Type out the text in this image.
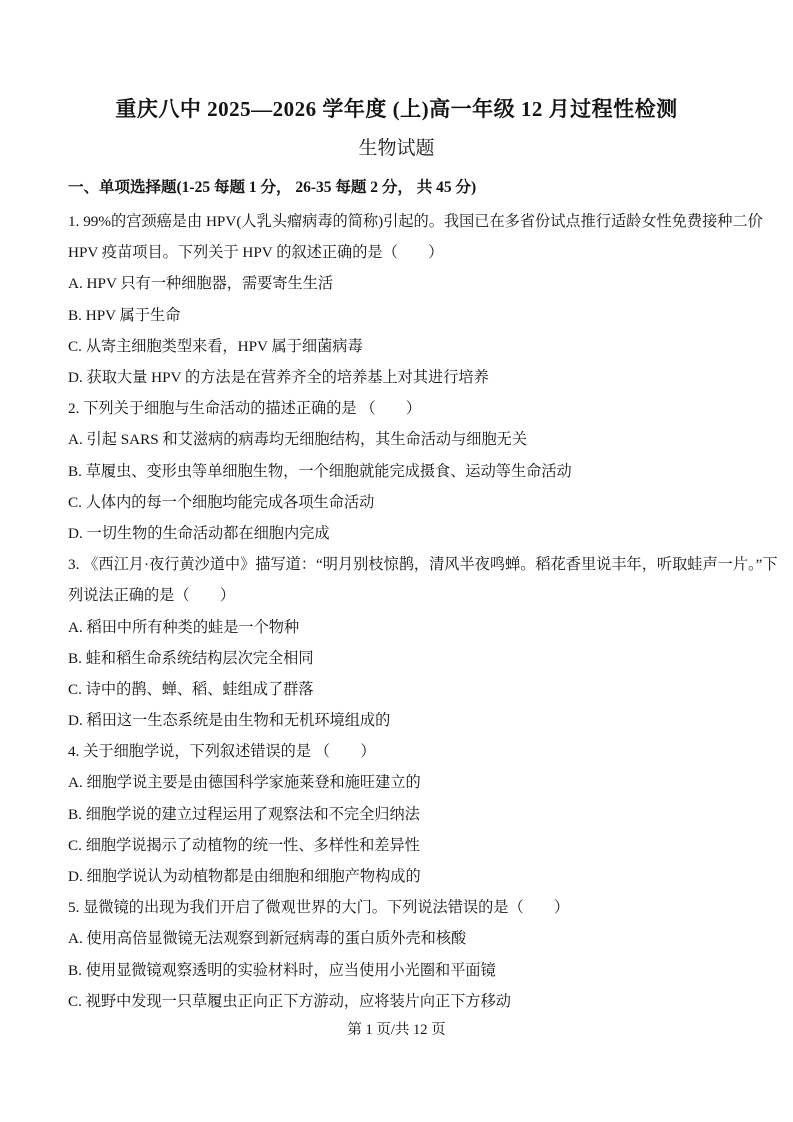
重庆八中 2025—2026 学年度 (上)高一年级 12 月过程性检测
生物试题
一、单项选择题(1-25 每题 1 分， 26-35 每题 2 分， 共 45 分)
1. 99%的宫颈癌是由 HPV(人乳头瘤病毒的简称)引起的。我国已在多省份试点推行适龄女性免费接种二价
HPV 疫苗项目。下列关于 HPV 的叙述正确的是（　　）
A. HPV 只有一种细胞器，需要寄生生活
B. HPV 属于生命
C. 从寄主细胞类型来看，HPV 属于细菌病毒
D. 获取大量 HPV 的方法是在营养齐全的培养基上对其进行培养
2. 下列关于细胞与生命活动的描述正确的是 （　　）
A. 引起 SARS 和艾滋病的病毒均无细胞结构，其生命活动与细胞无关
B. 草履虫、变形虫等单细胞生物，一个细胞就能完成摄食、运动等生命活动
C. 人体内的每一个细胞均能完成各项生命活动
D. 一切生物的生命活动都在细胞内完成
3. 《西江月·夜行黄沙道中》描写道：“明月别枝惊鹊，清风半夜鸣蝉。稻花香里说丰年，听取蛙声一片。”下
列说法正确的是（　　）
A. 稻田中所有种类的蛙是一个物种
B. 蛙和稻生命系统结构层次完全相同
C. 诗中的鹊、蝉、稻、蛙组成了群落
D. 稻田这一生态系统是由生物和无机环境组成的
4. 关于细胞学说，下列叙述错误的是 （　　）
A. 细胞学说主要是由德国科学家施莱登和施旺建立的
B. 细胞学说的建立过程运用了观察法和不完全归纳法
C. 细胞学说揭示了动植物的统一性、多样性和差异性
D. 细胞学说认为动植物都是由细胞和细胞产物构成的
5. 显微镜的出现为我们开启了微观世界的大门。下列说法错误的是（　　）
A. 使用高倍显微镜无法观察到新冠病毒的蛋白质外壳和核酸
B. 使用显微镜观察透明的实验材料时，应当使用小光圈和平面镜
C. 视野中发现一只草履虫正向正下方游动，应将装片向正下方移动
第 1 页/共 12 页
